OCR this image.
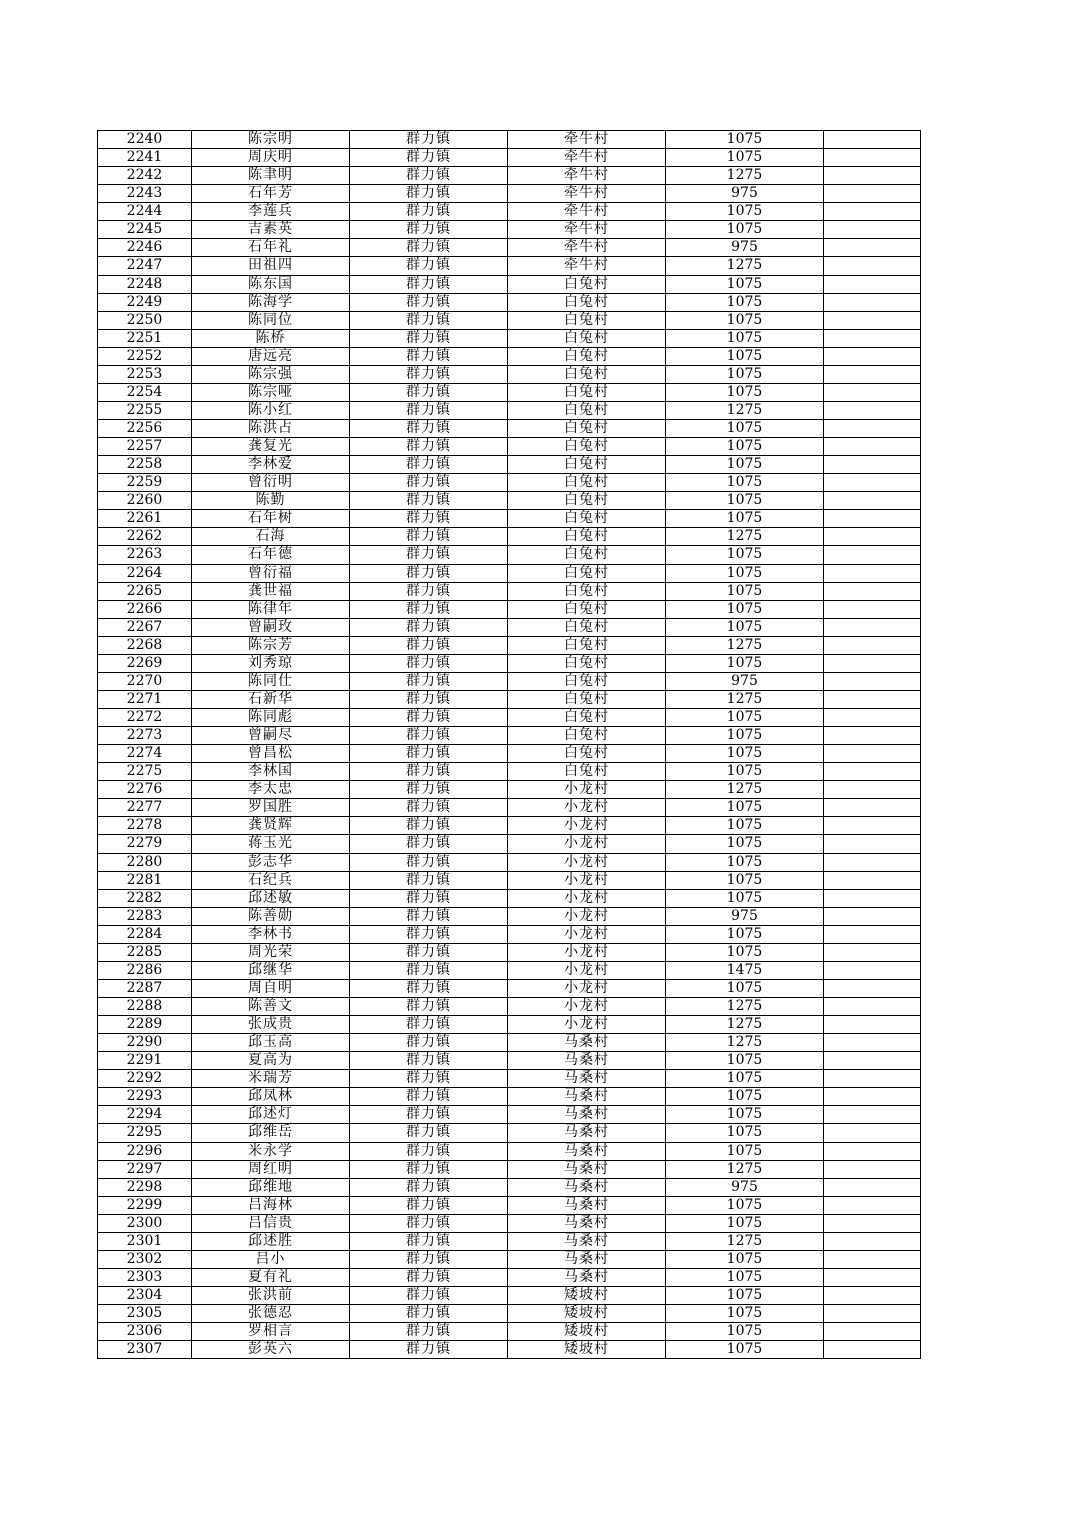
2240	陈宗明	群力镇	牵牛村	1075	
2241	周庆明	群力镇	牵牛村	1075	
2242	陈聿明	群力镇	牵牛村	1275	
2243	石年芳	群力镇	牵牛村	975	
2244	李莲兵	群力镇	牵牛村	1075	
2245	吉素英	群力镇	牵牛村	1075	
2246	石年礼	群力镇	牵牛村	975	
2247	田祖四	群力镇	牵牛村	1275	
2248	陈东国	群力镇	白兔村	1075	
2249	陈海学	群力镇	白兔村	1075	
2250	陈同位	群力镇	白兔村	1075	
2251	陈桥	群力镇	白兔村	1075	
2252	唐远亮	群力镇	白兔村	1075	
2253	陈宗强	群力镇	白兔村	1075	
2254	陈宗哑	群力镇	白兔村	1075	
2255	陈小红	群力镇	白兔村	1275	
2256	陈洪占	群力镇	白兔村	1075	
2257	龚复光	群力镇	白兔村	1075	
2258	李林爱	群力镇	白兔村	1075	
2259	曾衍明	群力镇	白兔村	1075	
2260	陈勤	群力镇	白兔村	1075	
2261	石年树	群力镇	白兔村	1075	
2262	石海	群力镇	白兔村	1275	
2263	石年德	群力镇	白兔村	1075	
2264	曾衍福	群力镇	白兔村	1075	
2265	龚世福	群力镇	白兔村	1075	
2266	陈律年	群力镇	白兔村	1075	
2267	曾嗣玫	群力镇	白兔村	1075	
2268	陈宗芳	群力镇	白兔村	1275	
2269	刘秀琼	群力镇	白兔村	1075	
2270	陈同仕	群力镇	白兔村	975	
2271	石新华	群力镇	白兔村	1275	
2272	陈同彪	群力镇	白兔村	1075	
2273	曾嗣尽	群力镇	白兔村	1075	
2274	曾昌松	群力镇	白兔村	1075	
2275	李林国	群力镇	白兔村	1075	
2276	李太忠	群力镇	小龙村	1275	
2277	罗国胜	群力镇	小龙村	1075	
2278	龚贤辉	群力镇	小龙村	1075	
2279	蒋玉光	群力镇	小龙村	1075	
2280	彭志华	群力镇	小龙村	1075	
2281	石纪兵	群力镇	小龙村	1075	
2282	邱述敏	群力镇	小龙村	1075	
2283	陈善勋	群力镇	小龙村	975	
2284	李林书	群力镇	小龙村	1075	
2285	周光荣	群力镇	小龙村	1075	
2286	邱继华	群力镇	小龙村	1475	
2287	周自明	群力镇	小龙村	1075	
2288	陈善文	群力镇	小龙村	1275	
2289	张成贵	群力镇	小龙村	1275	
2290	邱玉高	群力镇	马桑村	1275	
2291	夏高为	群力镇	马桑村	1075	
2292	米瑞芳	群力镇	马桑村	1075	
2293	邱凤林	群力镇	马桑村	1075	
2294	邱述灯	群力镇	马桑村	1075	
2295	邱维岳	群力镇	马桑村	1075	
2296	米永学	群力镇	马桑村	1075	
2297	周红明	群力镇	马桑村	1275	
2298	邱维地	群力镇	马桑村	975	
2299	吕海林	群力镇	马桑村	1075	
2300	吕信贵	群力镇	马桑村	1075	
2301	邱述胜	群力镇	马桑村	1275	
2302	吕小	群力镇	马桑村	1075	
2303	夏有礼	群力镇	马桑村	1075	
2304	张洪前	群力镇	矮坡村	1075	
2305	张德忍	群力镇	矮坡村	1075	
2306	罗相言	群力镇	矮坡村	1075	
2307	彭英六	群力镇	矮坡村	1075	
